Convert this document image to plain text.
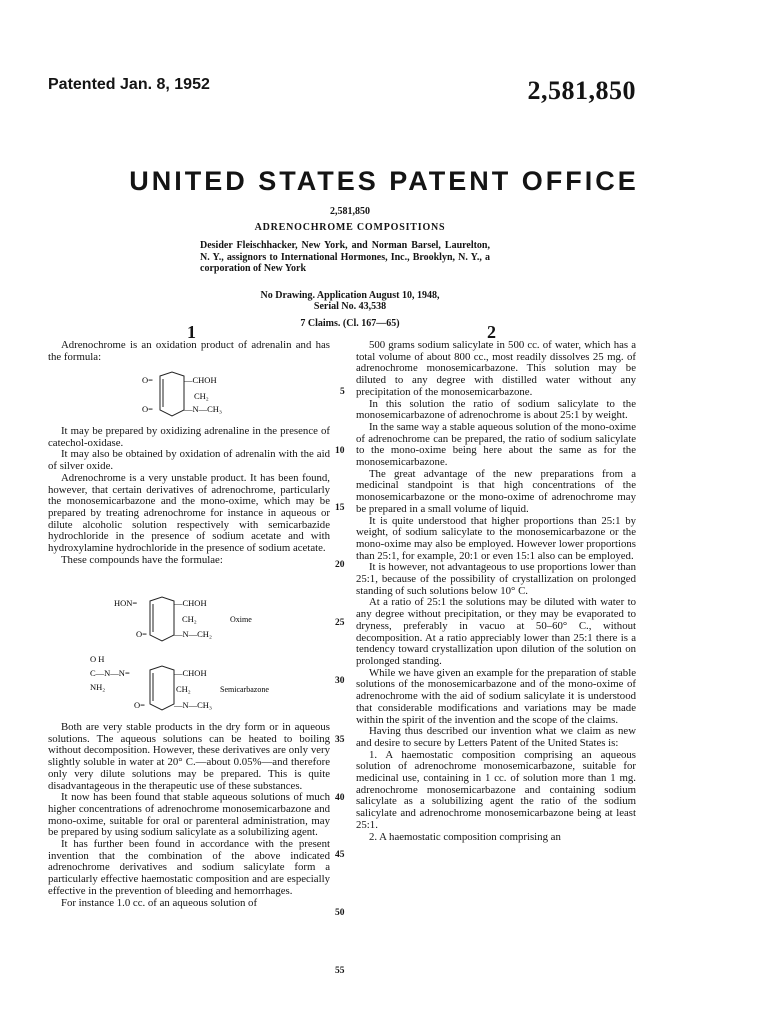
Patented Jan. 8, 1952	2,581,850
UNITED STATES PATENT OFFICE
2,581,850
ADRENOCHROME COMPOSITIONS
Desider Fleischhacker, New York, and Norman Barsel, Laurelton, N. Y., assignors to International Hormones, Inc., Brooklyn, N. Y., a corporation of New York
No Drawing. Application August 10, 1948,
Serial No. 43,538
7 Claims. (Cl. 167—65)
1	2

Adrenochrome is an oxidation product of adrenalin and has the formula:

O=	—CHOH
CH₂
O=	—N—CH₃

It may be prepared by oxidizing adrenaline in the presence of catechol-oxidase.

It may also be obtained by oxidation of adrenalin with the aid of silver oxide.

Adrenochrome is a very unstable product. It has been found, however, that certain derivatives of adrenochrome, particularly the monosemicarbazone and the mono-oxime, which may be prepared by treating adrenochrome for instance in aqueous or dilute alcoholic solution respectively with semicarbazide hydrochloride in the presence of sodium acetate and with hydroxylamine hydrochloride in the presence of sodium acetate.

These compounds have the formulae:

HON=	—CHOH
CH₂	Oxime
O=	—N—CH₂
O H
C—N—N=
NH₂
—CHOH
CH₂	Semicarbazone
O=	—N—CH₃

Both are very stable products in the dry form or in aqueous solutions. The aqueous solutions can be heated to boiling without decomposition. However, these derivatives are only very slightly soluble in water at 20° C.—about 0.05%—and therefore only very dilute solutions may be prepared. This is quite disadvantageous in the therapeutic use of these substances.

It now has been found that stable aqueous solutions of much higher concentrations of adrenochrome monosemicarbazone and mono-oxime, suitable for oral or parenteral administration, may be prepared by using sodium salicylate as a solubilizing agent.

It has further been found in accordance with the present invention that the combination of the above indicated adrenochrome derivatives and sodium salicylate form a particularly effective haemostatic composition and are especially effective in the prevention of bleeding and hemorrhages.

For instance 1.0 cc. of an aqueous solution of

5
10
15
20
25
30
35
40
45
50
55

500 grams sodium salicylate in 500 cc. of water, which has a total volume of about 800 cc., most readily dissolves 25 mg. of adrenochrome monosemicarbazone. This solution may be diluted to any degree with distilled water without any precipitation of the monosemicarbazone.

In this solution the ratio of sodium salicylate to the monosemicarbazone of adrenochrome is about 25:1 by weight.

In the same way a stable aqueous solution of the mono-oxime of adrenochrome can be prepared, the ratio of sodium salicylate to the mono-oxime being here about the same as for the monosemicarbazone.

The great advantage of the new preparations from a medicinal standpoint is that high concentrations of the monosemicarbazone or the mono-oxime of adrenochrome may be prepared in a small volume of liquid.

It is quite understood that higher proportions than 25:1 by weight, of sodium salicylate to the monosemicarbazone or the mono-oxime may also be employed. However lower proportions than 25:1, for example, 20:1 or even 15:1 also can be employed.

It is however, not advantageous to use proportions lower than 25:1, because of the possibility of crystallization on prolonged standing of such solutions below 10° C.

At a ratio of 25:1 the solutions may be diluted with water to any degree without precipitation, or they may be evaporated to dryness, preferably in vacuo at 50–60° C., without decomposition. At a ratio appreciably lower than 25:1 there is a tendency toward crystallization upon dilution of the solution on prolonged standing.

While we have given an example for the preparation of stable solutions of the monosemicarbazone and of the mono-oxime of adrenochrome with the aid of sodium salicylate it is understood that considerable modifications and variations may be made within the spirit of the invention and the scope of the claims.

Having thus described our invention what we claim as new and desire to secure by Letters Patent of the United States is:

1. A haemostatic composition comprising an aqueous solution of adrenochrome monosemicarbazone, suitable for medicinal use, containing in 1 cc. of solution more than 1 mg. adrenochrome monosemicarbazone and containing sodium salicylate as a solubilizing agent the ratio of the sodium salicylate and adrenochrome monosemicarbazone being at least 25:1.

2. A haemostatic composition comprising an
